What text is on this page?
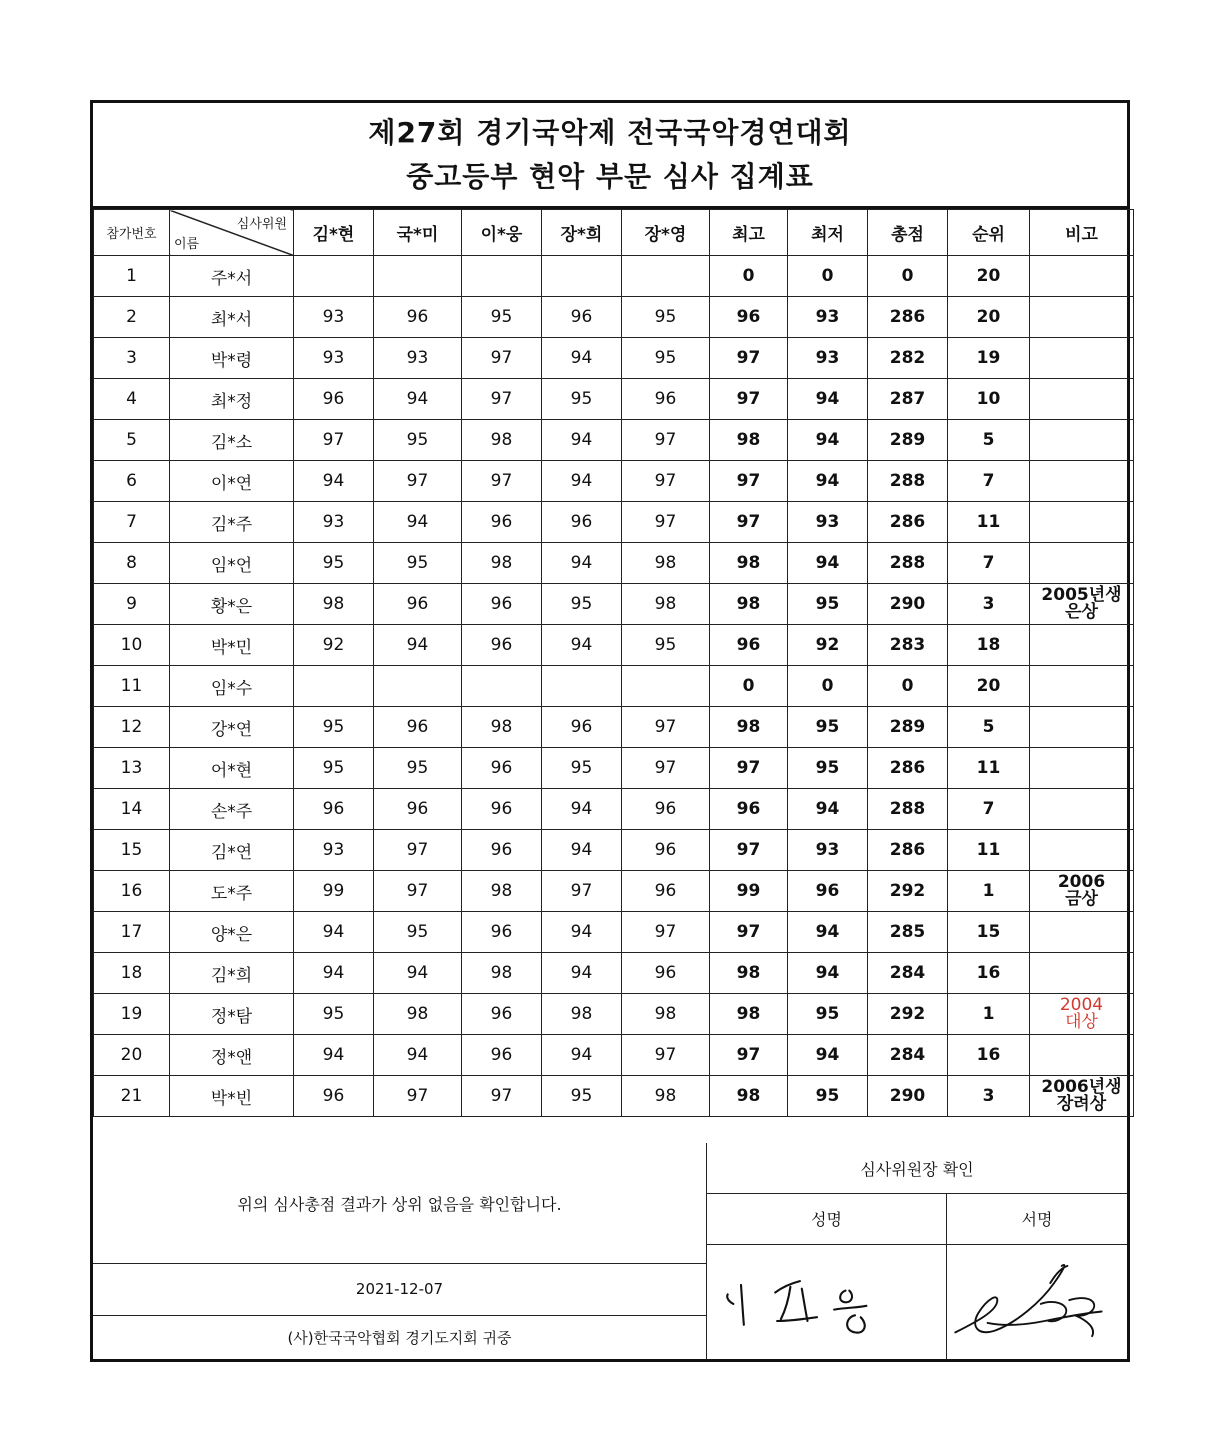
제27회 경기국악제 전국국악경연대회
중고등부 현악 부문 심사 집계표
참가번호	심사위원
이름	김*현	국*미	이*웅	장*희	장*영	최고	최저	총점	순위	비고
1	주*서						0	0	0	20	

2	최*서	93	96	95	96	95	96	93	286	20	

3	박*령	93	93	97	94	95	97	93	282	19	

4	최*정	96	94	97	95	96	97	94	287	10	

5	김*소	97	95	98	94	97	98	94	289	5	

6	이*연	94	97	97	94	97	97	94	288	7	

7	김*주	93	94	96	96	97	97	93	286	11	

8	임*언	95	95	98	94	98	98	94	288	7	

9	황*은	98	96	96	95	98	98	95	290	3	2005년생
은상

10	박*민	92	94	96	94	95	96	92	283	18	

11	임*수						0	0	0	20	

12	강*연	95	96	98	96	97	98	95	289	5	

13	어*현	95	95	96	95	97	97	95	286	11	

14	손*주	96	96	96	94	96	96	94	288	7	

15	김*연	93	97	96	94	96	97	93	286	11	

16	도*주	99	97	98	97	96	99	96	292	1	2006
금상

17	양*은	94	95	96	94	97	97	94	285	15	

18	김*희	94	94	98	94	96	98	94	284	16	

19	정*탐	95	98	96	98	98	98	95	292	1	2004
대상

20	정*앤	94	94	96	94	97	97	94	284	16	

21	박*빈	96	97	97	95	98	98	95	290	3	2006년생
장려상
위의 심사총점 결과가 상위 없음을 확인합니다.
2021-12-07
(사)한국국악협회 경기도지회 귀중
심사위원장 확인
성명	서명
